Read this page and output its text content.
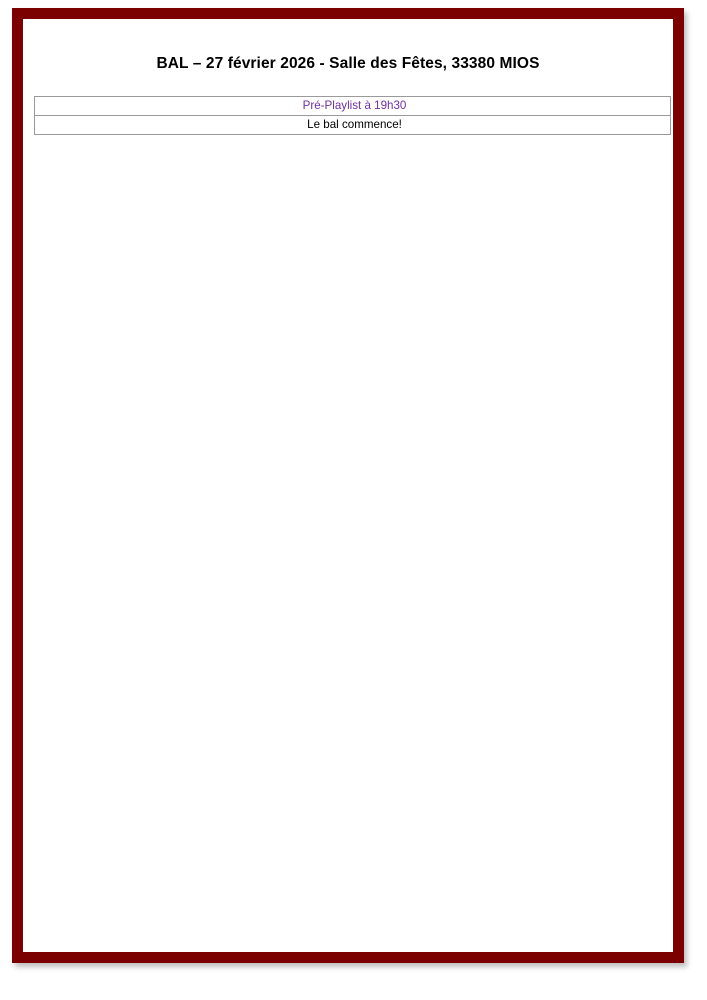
BAL – 27 février 2026 - Salle des Fêtes, 33380 MIOS
Pré-Playlist à 19h30
Le bal commence!
